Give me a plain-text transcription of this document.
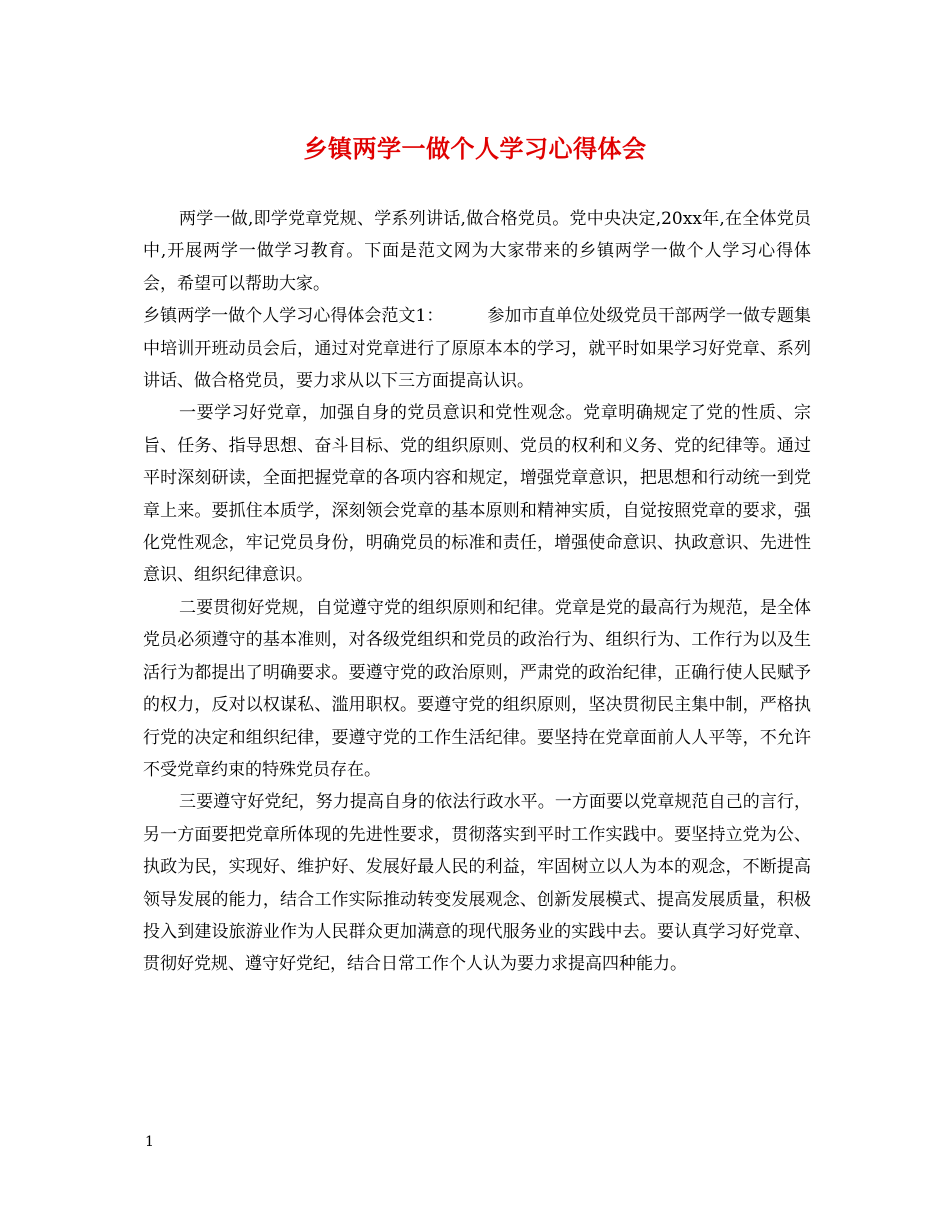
乡镇两学一做个人学习心得体会

两学一做,即学党章党规、学系列讲话,做合格党员。党中央决定,20xx年,在全体党员中,开展两学一做学习教育。下面是范文网为大家带来的乡镇两学一做个人学习心得体会，希望可以帮助大家。

乡镇两学一做个人学习心得体会范文1：	参加市直单位处级党员干部两学一做专题集中培训开班动员会后，通过对党章进行了原原本本的学习，就平时如果学习好党章、系列讲话、做合格党员，要力求从以下三方面提高认识。

一要学习好党章，加强自身的党员意识和党性观念。党章明确规定了党的性质、宗旨、任务、指导思想、奋斗目标、党的组织原则、党员的权利和义务、党的纪律等。通过平时深刻研读，全面把握党章的各项内容和规定，增强党章意识，把思想和行动统一到党章上来。要抓住本质学，深刻领会党章的基本原则和精神实质，自觉按照党章的要求，强化党性观念，牢记党员身份，明确党员的标准和责任，增强使命意识、执政意识、先进性意识、组织纪律意识。

二要贯彻好党规，自觉遵守党的组织原则和纪律。党章是党的最高行为规范，是全体党员必须遵守的基本准则，对各级党组织和党员的政治行为、组织行为、工作行为以及生活行为都提出了明确要求。要遵守党的政治原则，严肃党的政治纪律，正确行使人民赋予的权力，反对以权谋私、滥用职权。要遵守党的组织原则，坚决贯彻民主集中制，严格执行党的决定和组织纪律，要遵守党的工作生活纪律。要坚持在党章面前人人平等，不允许不受党章约束的特殊党员存在。

三要遵守好党纪，努力提高自身的依法行政水平。一方面要以党章规范自己的言行，另一方面要把党章所体现的先进性要求，贯彻落实到平时工作实践中。要坚持立党为公、执政为民，实现好、维护好、发展好最人民的利益，牢固树立以人为本的观念，不断提高领导发展的能力，结合工作实际推动转变发展观念、创新发展模式、提高发展质量，积极投入到建设旅游业作为人民群众更加满意的现代服务业的实践中去。要认真学习好党章、贯彻好党规、遵守好党纪，结合日常工作个人认为要力求提高四种能力。

1
